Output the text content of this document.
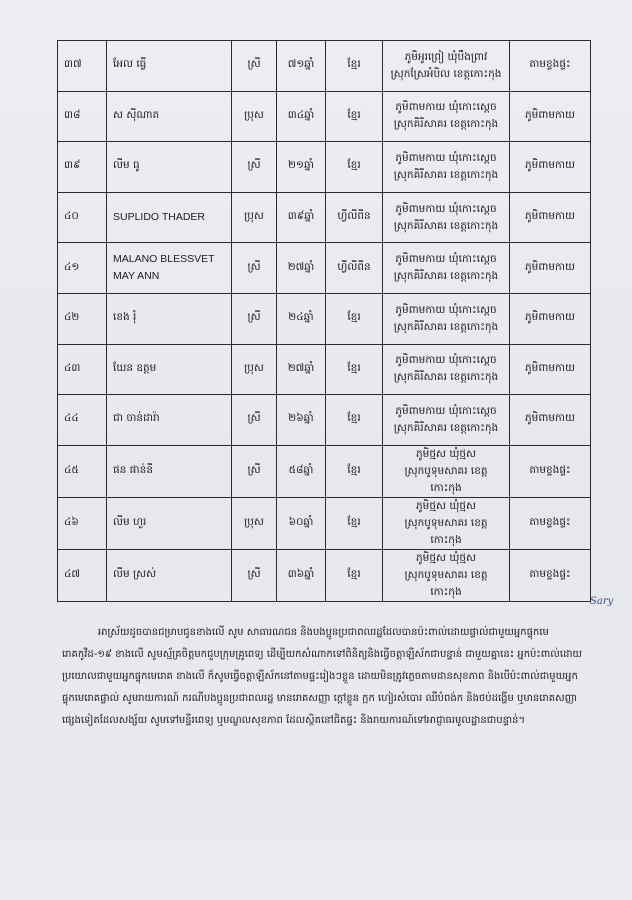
៣៧	អែល ធ្វើ	ស្រី	៧១ឆ្នាំ	ខ្មែរ	ភូមិអូរព្រៀ ឃុំបឹងព្រាវ
ស្រុកស្រែអំបិល ខេត្តកោះកុង	តាមខ្ទងផ្ទះ
៣៨	ស ស៊ីណាត	ប្រុស	៣៤ឆ្នាំ	ខ្មែរ	ភូមិពាមកាយ ឃុំកោះស្ដេច
ស្រុកគិរីសាគរ ខេត្តកោះកុង	ភូមិពាមកាយ
៣៩	លីម ធូ	ស្រី	២១ឆ្នាំ	ខ្មែរ	ភូមិពាមកាយ ឃុំកោះស្ដេច
ស្រុកគិរីសាគរ ខេត្តកោះកុង	ភូមិពាមកាយ
៤០	SUPLIDO THADER	ប្រុស	៣៩ឆ្នាំ	ហ្វីលីពីន	ភូមិពាមកាយ ឃុំកោះស្ដេច
ស្រុកគិរីសាគរ ខេត្តកោះកុង	ភូមិពាមកាយ
៤១	MALANO BLESSVET MAY ANN	ស្រី	២៧ឆ្នាំ	ហ្វីលីពីន	ភូមិពាមកាយ ឃុំកោះស្ដេច
ស្រុកគិរីសាគរ ខេត្តកោះកុង	ភូមិពាមកាយ
៤២	ខេង រុំ	ស្រី	២៤ឆ្នាំ	ខ្មែរ	ភូមិពាមកាយ ឃុំកោះស្ដេច
ស្រុកគិរីសាគរ ខេត្តកោះកុង	ភូមិពាមកាយ
៤៣	ឃែន ឧត្តម	ប្រុស	២៧ឆ្នាំ	ខ្មែរ	ភូមិពាមកាយ ឃុំកោះស្ដេច
ស្រុកគិរីសាគរ ខេត្តកោះកុង	ភូមិពាមកាយ
៤៤	ជា ចាន់ដារ៉ា	ស្រី	២៦ឆ្នាំ	ខ្មែរ	ភូមិពាមកាយ ឃុំកោះស្ដេច
ស្រុកគិរីសាគរ ខេត្តកោះកុង	ភូមិពាមកាយ
៤៥	ផន ផាន់នី	ស្រី	៥៨ឆ្នាំ	ខ្មែរ	ភូមិថ្មស ឃុំថ្មស
ស្រុកបូទុមសាគរ ខេត្តកោះកុង	តាមខ្ទងផ្ទះ
៤៦	លីម ហួរ	ប្រុស	៦០ឆ្នាំ	ខ្មែរ	ភូមិថ្មស ឃុំថ្មស
ស្រុកបូទុមសាគរ ខេត្តកោះកុង	តាមខ្ទងផ្ទះ
៤៧	លីម ស្រស់	ស្រី	៣៦ឆ្នាំ	ខ្មែរ	ភូមិថ្មស ឃុំថ្មស
ស្រុកបូទុមសាគរ ខេត្តកោះកុង	តាមខ្ទងផ្ទះ
Sary

អាស្រ័យដូចបានជម្រាបជូនខាងលើ សូម សាធារណជន និងបងប្អូនប្រជាពលរដ្ឋដែលបានប៉ះពាល់ដោយផ្ទាល់ជាមួយអ្នកផ្ទុកមេរោគកូវីដ-១៩ ខាងលើ សូមស្ម័គ្រចិត្តមកជួបក្រុមគ្រូពេទ្យ ដើម្បីយកសំណាកទៅពិនិត្យនិងធ្វើចត្តាឡីស័កជាបន្ទាន់ ជាមួយគ្នានេះ អ្នកប៉ះពាល់ដោយប្រយោលជាមួយអ្នកផ្ទុកមេរោគ ខាងលើ ក៏សូមធ្វើចត្តាឡីស័កនៅតាមផ្ទះរៀងៗខ្លួន ដោយមិនត្រូវភ្លេចតាមដានសុខភាព និងបើប៉ះពាល់ជាមួយអ្នកផ្ទុកមេរោគផ្ទាល់ សូមរាយការណ៍ ករណីបងប្អូនប្រជាពលរដ្ឋ មានរោគសញ្ញា ក្ដៅខ្លួន ក្អក ហៀរសំបោរ ឈឺបំពង់ក និងថប់ដង្ហើម ឬមានរោគសញ្ញាផ្សេងទៀតដែលសង្ស័យ សូមទៅមន្ទីរពេទ្យ ឬមណ្ឌលសុខភាព ដែលស្ថិតនៅជិតផ្ទះ និងរាយការណ៍ទៅអាជ្ញាធរមូលដ្ឋានជាបន្ទាន់។
